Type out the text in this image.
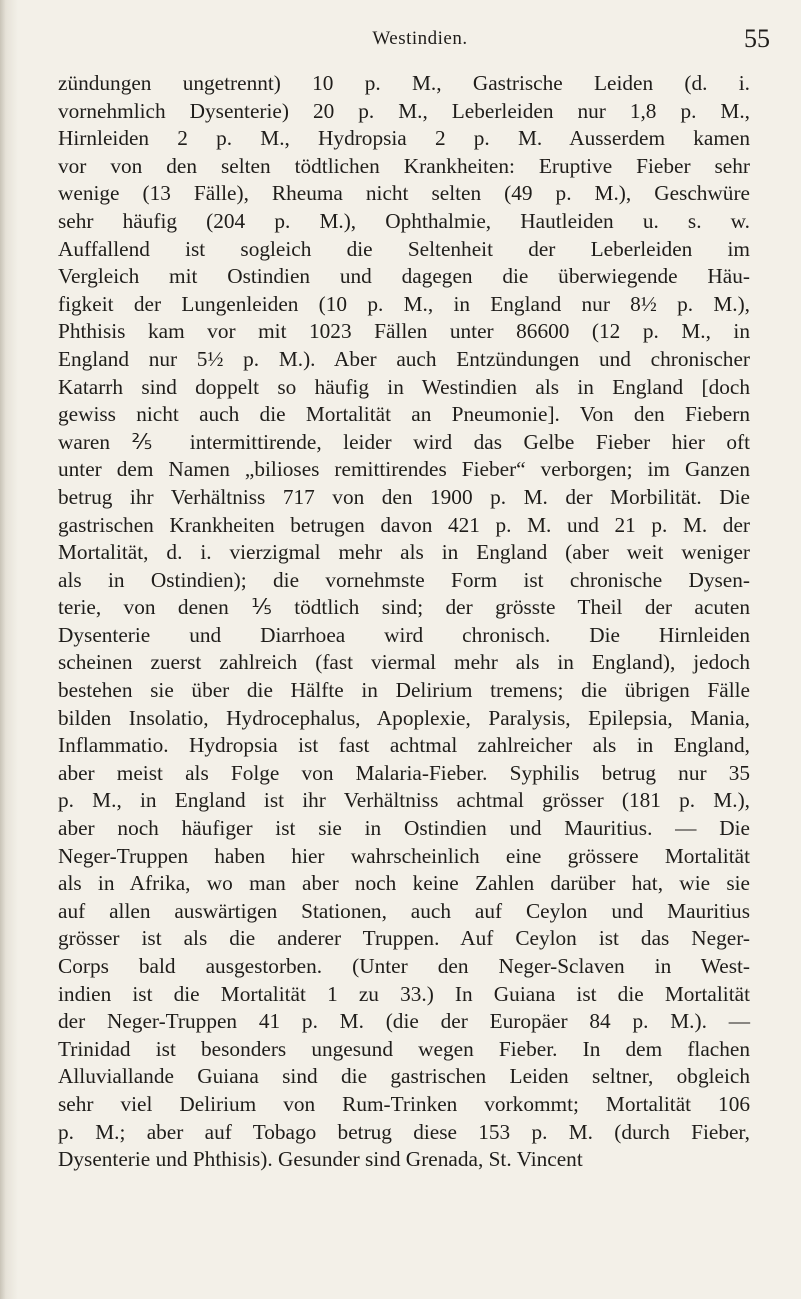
Westindien.	55
zündungen ungetrennt) 10 p. M., Gastrische Leiden (d. i.
vornehmlich Dysenterie) 20 p. M., Leberleiden nur 1,8 p. M.,
Hirnleiden 2 p. M., Hydropsia 2 p. M. Ausserdem kamen
vor von den selten tödtlichen Krankheiten: Eruptive Fieber sehr
wenige (13 Fälle), Rheuma nicht selten (49 p. M.), Geschwüre
sehr häufig (204 p. M.), Ophthalmie, Hautleiden u. s. w.
Auffallend ist sogleich die Seltenheit der Leberleiden im
Vergleich mit Ostindien und dagegen die überwiegende Häu-
figkeit der Lungenleiden (10 p. M., in England nur 8½ p. M.),
Phthisis kam vor mit 1023 Fällen unter 86600 (12 p. M., in
England nur 5½ p. M.). Aber auch Entzündungen und chronischer
Katarrh sind doppelt so häufig in Westindien als in England [doch
gewiss nicht auch die Mortalität an Pneumonie]. Von den Fiebern
waren ⅖ intermittirende, leider wird das Gelbe Fieber hier oft
unter dem Namen „bilioses remittirendes Fieber“ verborgen; im Ganzen
betrug ihr Verhältniss 717 von den 1900 p. M. der Morbilität. Die
gastrischen Krankheiten betrugen davon 421 p. M. und 21 p. M. der
Mortalität, d. i. vierzigmal mehr als in England (aber weit weniger
als in Ostindien); die vornehmste Form ist chronische Dysen-
terie, von denen ⅕ tödtlich sind; der grösste Theil der acuten
Dysenterie und Diarrhoea wird chronisch. Die Hirnleiden
scheinen zuerst zahlreich (fast viermal mehr als in England), jedoch
bestehen sie über die Hälfte in Delirium tremens; die übrigen Fälle
bilden Insolatio, Hydrocephalus, Apoplexie, Paralysis, Epilepsia, Mania,
Inflammatio. Hydropsia ist fast achtmal zahlreicher als in England,
aber meist als Folge von Malaria-Fieber. Syphilis betrug nur 35
p. M., in England ist ihr Verhältniss achtmal grösser (181 p. M.),
aber noch häufiger ist sie in Ostindien und Mauritius. — Die
Neger-Truppen haben hier wahrscheinlich eine grössere Mortalität
als in Afrika, wo man aber noch keine Zahlen darüber hat, wie sie
auf allen auswärtigen Stationen, auch auf Ceylon und Mauritius
grösser ist als die anderer Truppen. Auf Ceylon ist das Neger-
Corps bald ausgestorben. (Unter den Neger-Sclaven in West-
indien ist die Mortalität 1 zu 33.) In Guiana ist die Mortalität
der Neger-Truppen 41 p. M. (die der Europäer 84 p. M.). —
Trinidad ist besonders ungesund wegen Fieber. In dem flachen
Alluviallande Guiana sind die gastrischen Leiden seltner, obgleich
sehr viel Delirium von Rum-Trinken vorkommt; Mortalität 106
p. M.; aber auf Tobago betrug diese 153 p. M. (durch Fieber,
Dysenterie und Phthisis). Gesunder sind Grenada, St. Vincent
